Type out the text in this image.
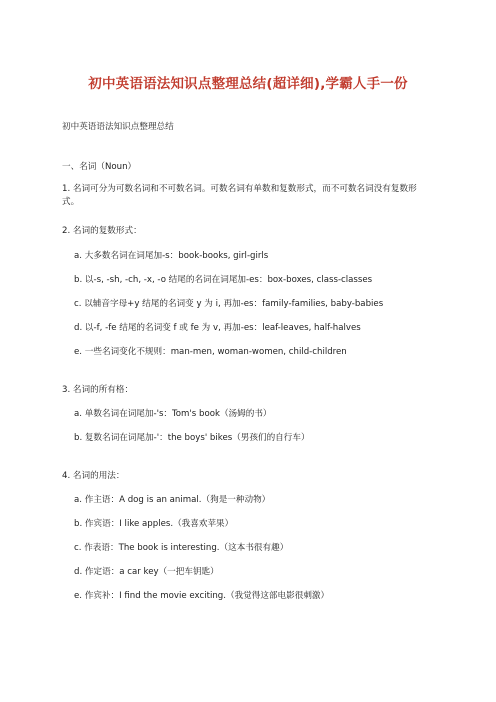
初中英语语法知识点整理总结(超详细),学霸人手一份
初中英语语法知识点整理总结
一、名词（Noun）
1. 名词可分为可数名词和不可数名词。可数名词有单数和复数形式，而不可数名词没有复数形式。
2. 名词的复数形式：
a. 大多数名词在词尾加-s：book-books, girl-girls
b. 以-s, -sh, -ch, -x, -o 结尾的名词在词尾加-es：box-boxes, class-classes
c. 以辅音字母+y 结尾的名词变 y 为 i, 再加-es：family-families, baby-babies
d. 以-f, -fe 结尾的名词变 f 或 fe 为 v, 再加-es：leaf-leaves, half-halves
e. 一些名词变化不规则：man-men, woman-women, child-children
3. 名词的所有格：
a. 单数名词在词尾加-'s：Tom's book（汤姆的书）
b. 复数名词在词尾加-'：the boys' bikes（男孩们的自行车）
4. 名词的用法：
a. 作主语：A dog is an animal.（狗是一种动物）
b. 作宾语：I like apples.（我喜欢苹果）
c. 作表语：The book is interesting.（这本书很有趣）
d. 作定语：a car key（一把车钥匙）
e. 作宾补：I find the movie exciting.（我觉得这部电影很刺激）
